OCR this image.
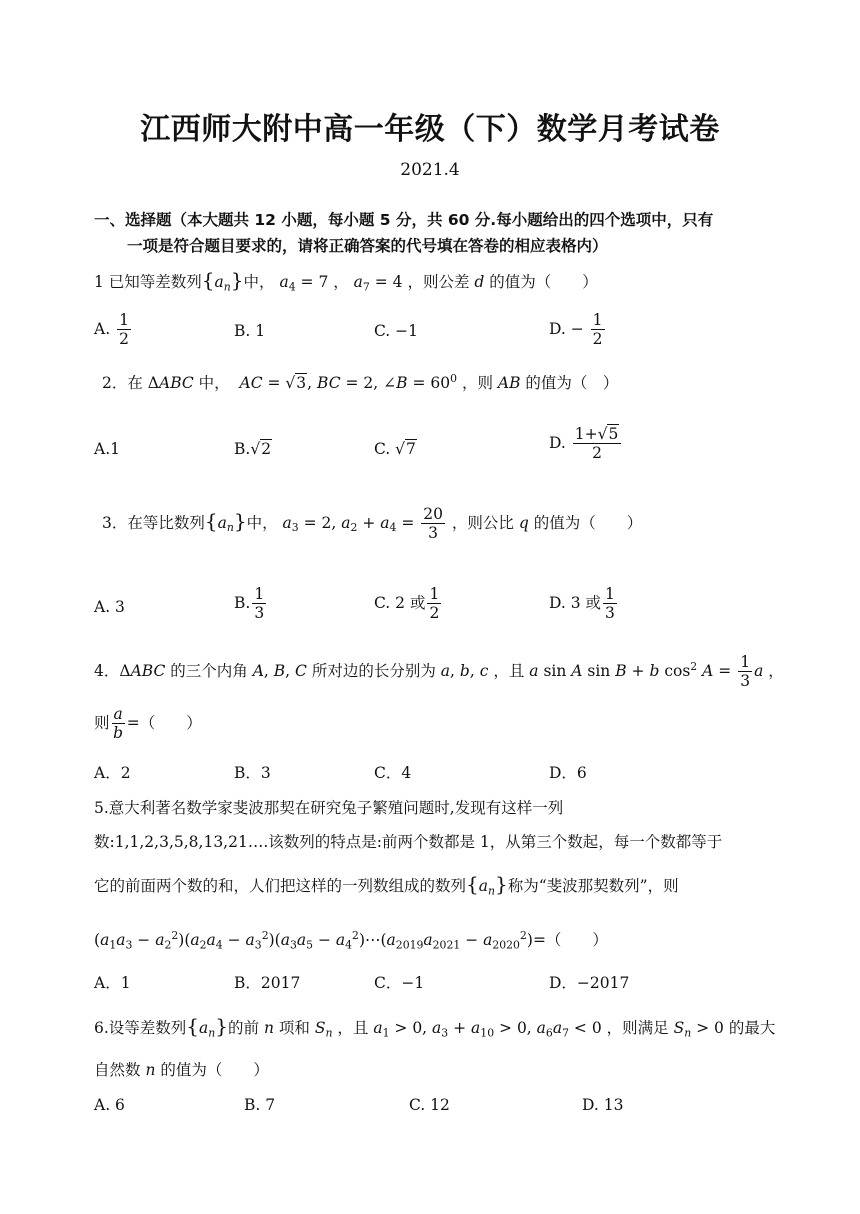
江西师大附中高一年级（下）数学月考试卷
2021.4
一、选择题（本大题共 12 小题，每小题 5 分，共 60 分.每小题给出的四个选项中，只有
一项是符合题目要求的，请将正确答案的代号填在答卷的相应表格内）
1 已知等差数列$\{a_n\}$中， $a_4 = 7$ ， $a_7 = 4$ ，则公差 d 的值为（　　）
A. $\frac{1}{2}$	B. 1	C. −1	D. − $\frac{1}{2}$
2．在 ΔABC 中，  AC = √3, BC = 2, ∠B = $60^0$ ，则 AB 的值为（　）
A.1	B.√2	C. √7	D. $\frac{1+√5}{2}$
3．在等比数列$\{a_n\}$中， $a_3 = 2$, $a_2 + a_4 = \frac{20}{3}$ ，则公比 q 的值为（　　）
A. 3	B. $\frac{1}{3}$	C. 2 或 $\frac{1}{2}$	D. 3 或 $\frac{1}{3}$
4．ΔABC 的三个内角 A, B, C 所对边的长分别为 a, b, c ，且 a sin A sin B + b $\cos^2 A = \frac{1}{3}$ a ，
则 $\frac{a}{b}$ =（　　）
A．2	B．3	C．4	D．6
5.意大利著名数学家斐波那契在研究兔子繁殖问题时,发现有这样一列
数:1,1,2,3,5,8,13,21….该数列的特点是:前两个数都是 1，从第三个数起，每一个数都等于
它的前面两个数的和，人们把这样的一列数组成的数列$\{a_n\}$称为“斐波那契数列”，则
$(a_1a_3 - a_2^2)(a_2a_4 - a_3^2)(a_3a_5$ − $a_4^2)\cdots(a_{2019}a_{2021} - a_{2020}^2)=$（　　）
A．1	B．2017	C．−1	D．−2017
6.设等差数列$\{a_n\}$的前 n 项和 $S_n$ ，且 $a_1 > 0$, $a_3 + a_{10} > 0$, $a_6a_7 < 0$ ，则满足 $S_n > 0$ 的最大
自然数 n 的值为（　　）
A. 6	B. 7	C. 12	D. 13
